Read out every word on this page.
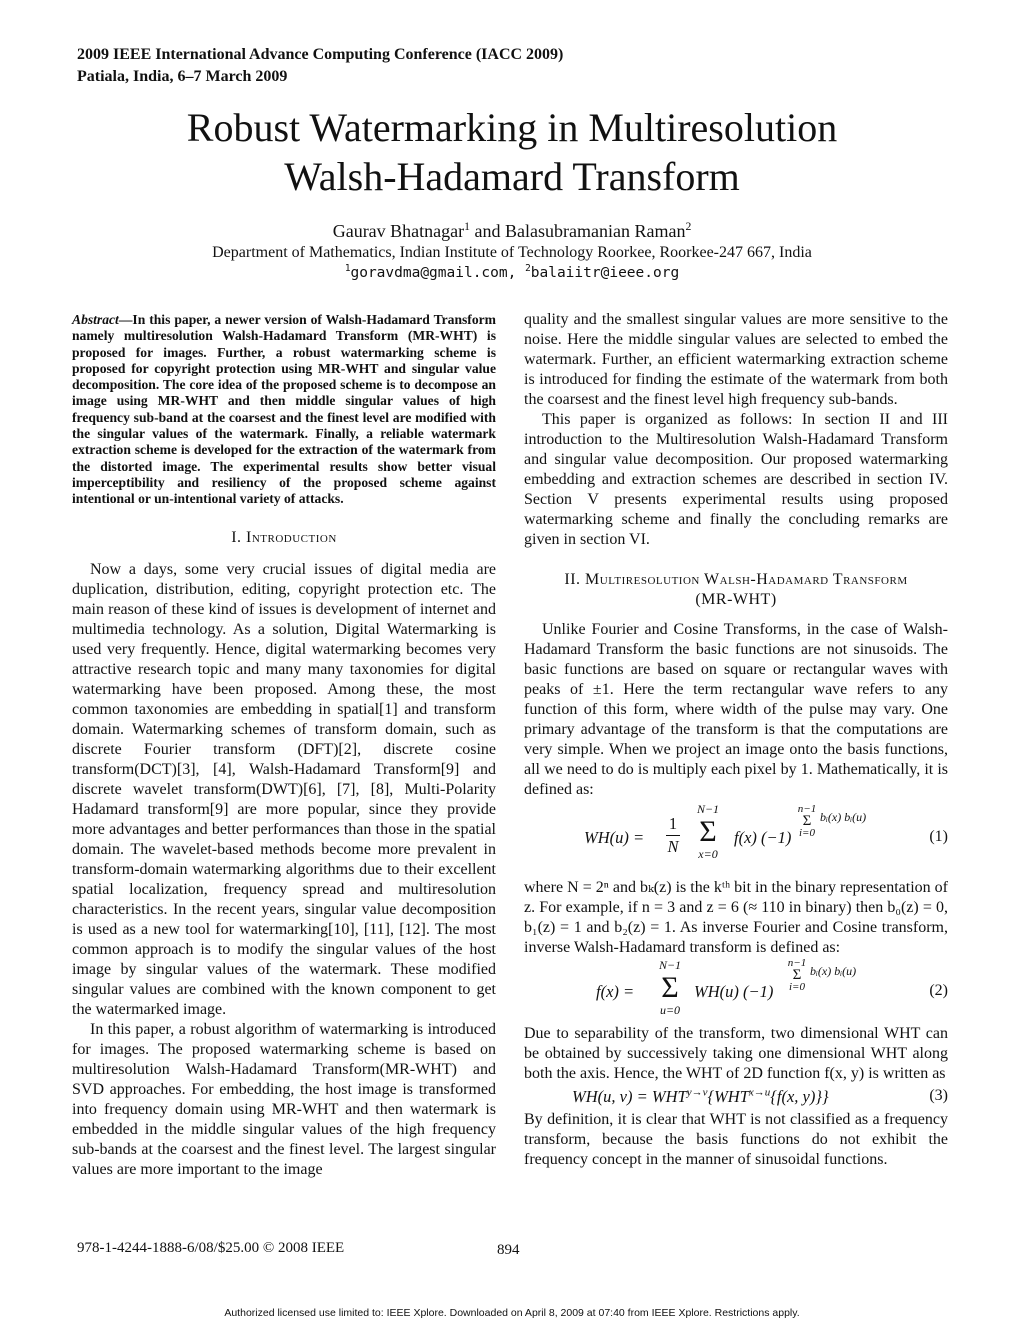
2009 IEEE International Advance Computing Conference (IACC 2009)
Patiala, India, 6–7 March 2009
Robust Watermarking in Multiresolution
Walsh-Hadamard Transform
Gaurav Bhatnagar$^1$ and Balasubramanian Raman$^2$
Department of Mathematics, Indian Institute of Technology Roorkee, Roorkee-247 667, India
$^1$goravdma@gmail.com, $^2$balaiitr@ieee.org

Abstract—In this paper, a newer version of Walsh-Hadamard Transform namely multiresolution Walsh-Hadamard Transform (MR-WHT) is proposed for images. Further, a robust watermarking scheme is proposed for copyright protection using MR-WHT and singular value decomposition. The core idea of the proposed scheme is to decompose an image using MR-WHT and then middle singular values of high frequency sub-band at the coarsest and the finest level are modified with the singular values of the watermark. Finally, a reliable watermark extraction scheme is developed for the extraction of the watermark from the distorted image. The experimental results show better visual imperceptibility and resiliency of the proposed scheme against intentional or un-intentional variety of attacks.

I. Introduction

Now a days, some very crucial issues of digital media are duplication, distribution, editing, copyright protection etc. The main reason of these kind of issues is development of internet and multimedia technology. As a solution, Digital Watermarking is used very frequently. Hence, digital watermarking becomes very attractive research topic and many many taxonomies for digital watermarking have been proposed. Among these, the most common taxonomies are embedding in spatial[1] and transform domain. Watermarking schemes of transform domain, such as discrete Fourier transform (DFT)[2], discrete cosine transform(DCT)[3], [4], Walsh-Hadamard Transform[9] and discrete wavelet transform(DWT)[6], [7], [8], Multi-Polarity Hadamard transform[9] are more popular, since they provide more advantages and better performances than those in the spatial domain. The wavelet-based methods become more prevalent in transform-domain watermarking algorithms due to their excellent spatial localization, frequency spread and multiresolution characteristics. In the recent years, singular value decomposition is used as a new tool for watermarking[10], [11], [12]. The most common approach is to modify the singular values of the host image by singular values of the watermark. These modified singular values are combined with the known component to get the watermarked image.

In this paper, a robust algorithm of watermarking is introduced for images. The proposed watermarking scheme is based on multiresolution Walsh-Hadamard Transform(MR-WHT) and SVD approaches. For embedding, the host image is transformed into frequency domain using MR-WHT and then watermark is embedded in the middle singular values of the high frequency sub-bands at the coarsest and the finest level. The largest singular values are more important to the image

quality and the smallest singular values are more sensitive to the noise. Here the middle singular values are selected to embed the watermark. Further, an efficient watermarking extraction scheme is introduced for finding the estimate of the watermark from both the coarsest and the finest level high frequency sub-bands.

This paper is organized as follows: In section II and III introduction to the Multiresolution Walsh-Hadamard Transform and singular value decomposition. Our proposed watermarking embedding and extraction schemes are described in section IV. Section V presents experimental results using proposed watermarking scheme and finally the concluding remarks are given in section VI.

II. Multiresolution Walsh-Hadamard Transform
(MR-WHT)

Unlike Fourier and Cosine Transforms, in the case of Walsh-Hadamard Transform the basic functions are not sinusoids. The basic functions are based on square or rectangular waves with peaks of ±1. Here the term rectangular wave refers to any function of this form, where width of the pulse may vary. One primary advantage of the transform is that the computations are very simple. When we project an image onto the basis functions, all we need to do is multiply each pixel by 1. Mathematically, it is defined as:

WH(u) =
1
N
N−1
Σ
x=0
f(x) (−1)
n−1
Σ
i=0
bᵢ(x) bᵢ(u)
(1)

where N = 2ⁿ and bₖ(z) is the kᵗʰ bit in the binary representation of z. For example, if n = 3 and z = 6 (≈ 110 in binary) then b₀(z) = 0, b₁(z) = 1 and b₂(z) = 1. As inverse Fourier and Cosine transform, inverse Walsh-Hadamard transform is defined as:

f(x) =
N−1
Σ
u=0
WH(u) (−1)
n−1
Σ
i=0
bᵢ(x) bᵢ(u)
(2)

Due to separability of the transform, two dimensional WHT can be obtained by successively taking one dimensional WHT along both the axis. Hence, the WHT of 2D function f(x, y) is written as

WH(u, $v) = WHT^{y\to v}\{WHT^{x\to u}\{f(x$, y)}}	(3)

By definition, it is clear that WHT is not classified as a frequency transform, because the basis functions do not exhibit the frequency concept in the manner of sinusoidal functions.

978-1-4244-1888-6/08/$25.00 © 2008 IEEE	894
Authorized licensed use limited to: IEEE Xplore. Downloaded on April 8, 2009 at 07:40 from IEEE Xplore. Restrictions apply.
